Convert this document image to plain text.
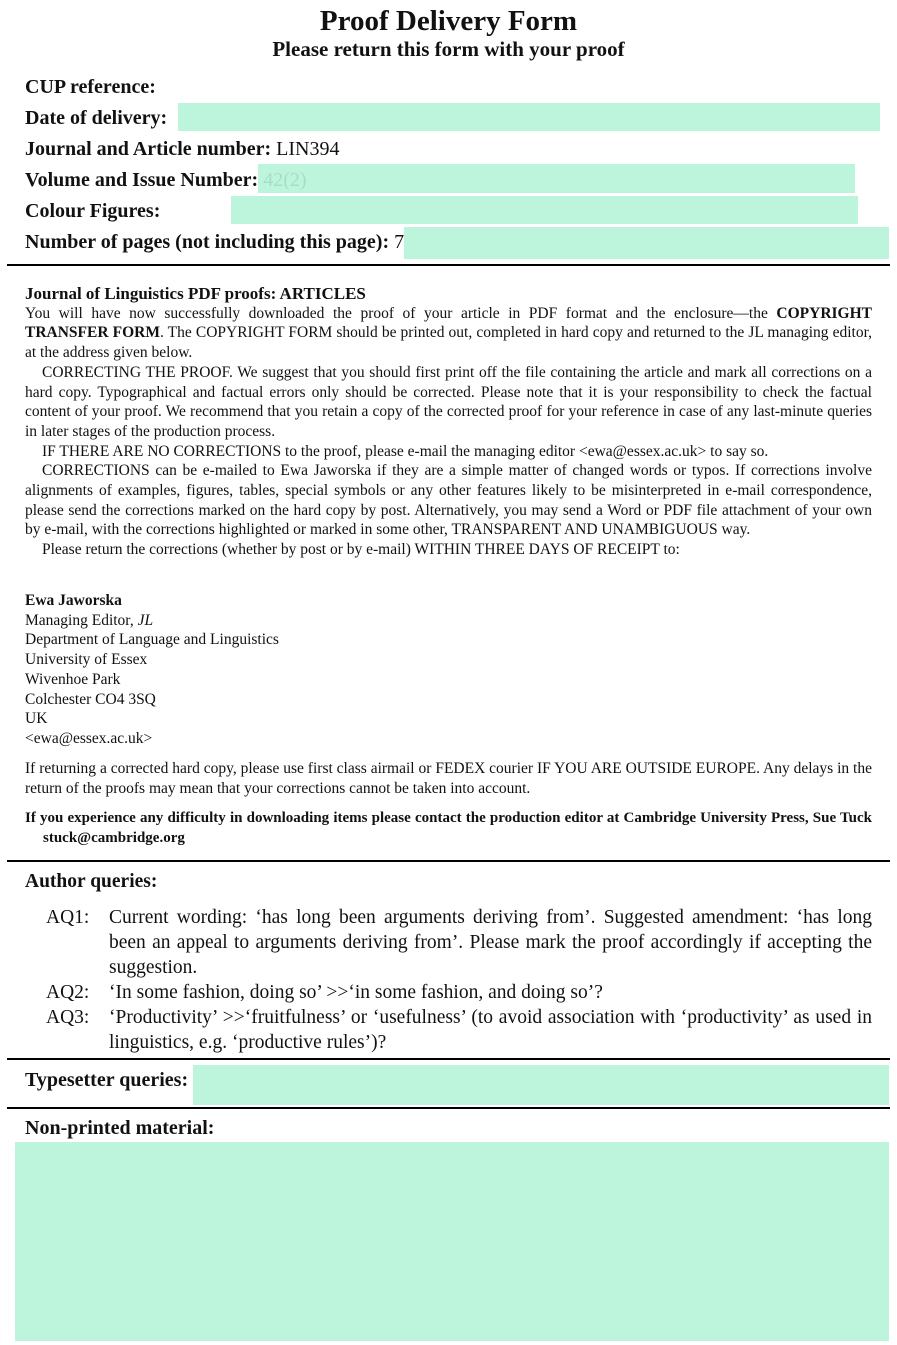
Proof Delivery Form
Please return this form with your proof
CUP reference:
Date of delivery:
Journal and Article number: LIN394
Volume and Issue Number: 42(2)
Colour Figures:
Number of pages (not including this page): 7
Journal of Linguistics PDF proofs: ARTICLES

You will have now successfully downloaded the proof of your article in PDF format and the enclosure—the COPYRIGHT TRANSFER FORM. The COPYRIGHT FORM should be printed out, completed in hard copy and returned to the JL managing editor, at the address given below.

CORRECTING THE PROOF. We suggest that you should first print off the file containing the article and mark all corrections on a hard copy. Typographical and factual errors only should be corrected. Please note that it is your responsibility to check the factual content of your proof. We recommend that you retain a copy of the corrected proof for your reference in case of any last-minute queries in later stages of the production process.

IF THERE ARE NO CORRECTIONS to the proof, please e-mail the managing editor <ewa@essex.ac.uk> to say so.

CORRECTIONS can be e-mailed to Ewa Jaworska if they are a simple matter of changed words or typos. If corrections involve alignments of examples, figures, tables, special symbols or any other features likely to be misinterpreted in e-mail correspondence, please send the corrections marked on the hard copy by post. Alternatively, you may send a Word or PDF file attachment of your own by e-mail, with the corrections highlighted or marked in some other, TRANSPARENT AND UNAMBIGUOUS way.

Please return the corrections (whether by post or by e-mail) WITHIN THREE DAYS OF RECEIPT to:

Ewa Jaworska
Managing Editor, JL
Department of Language and Linguistics
University of Essex
Wivenhoe Park
Colchester CO4 3SQ
UK
<ewa@essex.ac.uk>
If returning a corrected hard copy, please use first class airmail or FEDEX courier IF YOU ARE OUTSIDE EUROPE. Any delays in the return of the proofs may mean that your corrections cannot be taken into account.
If you experience any difficulty in downloading items please contact the production editor at Cambridge University Press, Sue Tuckstuck@cambridge.org
Author queries:
AQ1:	Current wording: ‘has long been arguments deriving from’. Suggested amendment: ‘has long been an appeal to arguments deriving from’. Please mark the proof accordingly if accepting the suggestion.
AQ2:	‘In some fashion, doing so’ >>‘in some fashion, and doing so’?
AQ3:	‘Productivity’ >>‘fruitfulness’ or ‘usefulness’ (to avoid association with ‘productivity’ as used in linguistics, e.g. ‘productive rules’)?
Typesetter queries:
Non-printed material:
